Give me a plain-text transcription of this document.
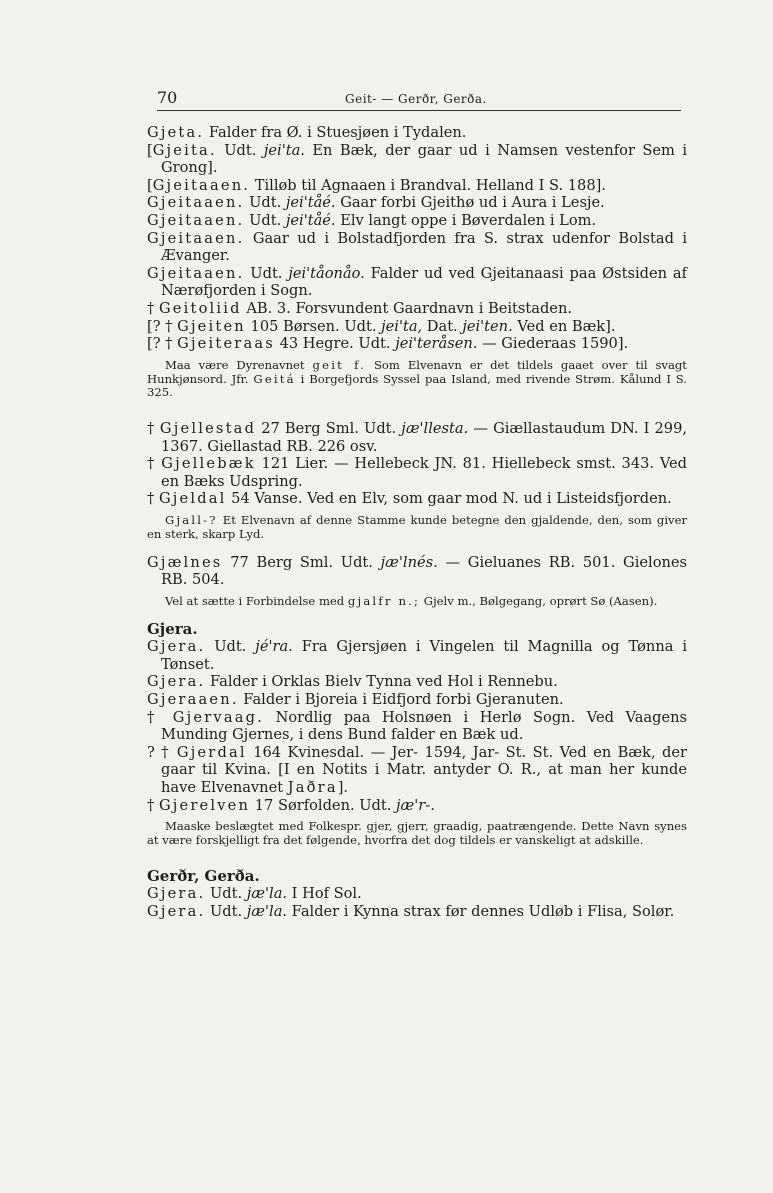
70	Geit- — Gerðr, Gerða.

Gjeta. Falder fra Ø. i Stuesjøen i Tydalen.

[Gjeita. Udt. jei'ta. En Bæk, der gaar ud i Namsen vestenfor Sem i Grong].

[Gjeitaaen. Tilløb til Agnaaen i Brandval. Helland I S. 188].

Gjeitaaen. Udt. jei'tåé. Gaar forbi Gjeithø ud i Aura i Lesje.

Gjeitaaen. Udt. jei'tåé. Elv langt oppe i Bøverdalen i Lom.

Gjeitaaen. Gaar ud i Bolstadfjorden fra S. strax udenfor Bolstad i Ævanger.

Gjeitaaen. Udt. jei'tåonåo. Falder ud ved Gjeitanaasi paa Østsiden af Nærøfjorden i Sogn.

† Geitoliid AB. 3. Forsvundent Gaardnavn i Beitstaden.

[? † Gjeiten 105 Børsen. Udt. jei'ta, Dat. jei'ten. Ved en Bæk].

[? † Gjeiteraas 43 Hegre. Udt. jei'teråsen. — Giederaas 1590].

Maa være Dyrenavnet geit f. Som Elvenavn er det tildels gaaet over til svagt Hunkjønsord. Jfr. Geitá i Borgefjords Syssel paa Island, med rivende Strøm. Kålund I S. 325.

† Gjellestad 27 Berg Sml. Udt. jæ'llesta. — Giællastaudum DN. I 299, 1367. Giellastad RB. 226 osv.

† Gjellebæk 121 Lier. — Hellebeck JN. 81. Hiellebeck smst. 343. Ved en Bæks Udspring.

† Gjeldal 54 Vanse. Ved en Elv, som gaar mod N. ud i Listeidsfjorden.

Gjall-? Et Elvenavn af denne Stamme kunde betegne den gjaldende, den, som giver en sterk, skarp Lyd.

Gjælnes 77 Berg Sml. Udt. jæ'lnés. — Gieluanes RB. 501. Gielones RB. 504.

Vel at sætte i Forbindelse med gjalfr n.; Gjelv m., Bølgegang, oprørt Sø (Aasen).

Gjera.

Gjera. Udt. jé'ra. Fra Gjersjøen i Vingelen til Magnilla og Tønna i Tønset.

Gjera. Falder i Orklas Bielv Tynna ved Hol i Rennebu.

Gjeraaen. Falder i Bjoreia i Eidfjord forbi Gjeranuten.

† Gjervaag. Nordlig paa Holsnøen i Herlø Sogn. Ved Vaagens Munding Gjernes, i dens Bund falder en Bæk ud.

? † Gjerdal 164 Kvinesdal. — Jer- 1594, Jar- St. St. Ved en Bæk, der gaar til Kvina. [I en Notits i Matr. antyder O. R., at man her kunde have Elvenavnet Jaðra].

† Gjerelven 17 Sørfolden. Udt. jæ'r-.

Maaske beslægtet med Folkespr. gjer, gjerr, graadig, paatrængende. Dette Navn synes at være forskjelligt fra det følgende, hvorfra det dog tildels er vanskeligt at adskille.

Gerðr, Gerða.

Gjera. Udt. jæ'la. I Hof Sol.

Gjera. Udt. jæ'la. Falder i Kynna strax før dennes Udløb i Flisa, Solør.
